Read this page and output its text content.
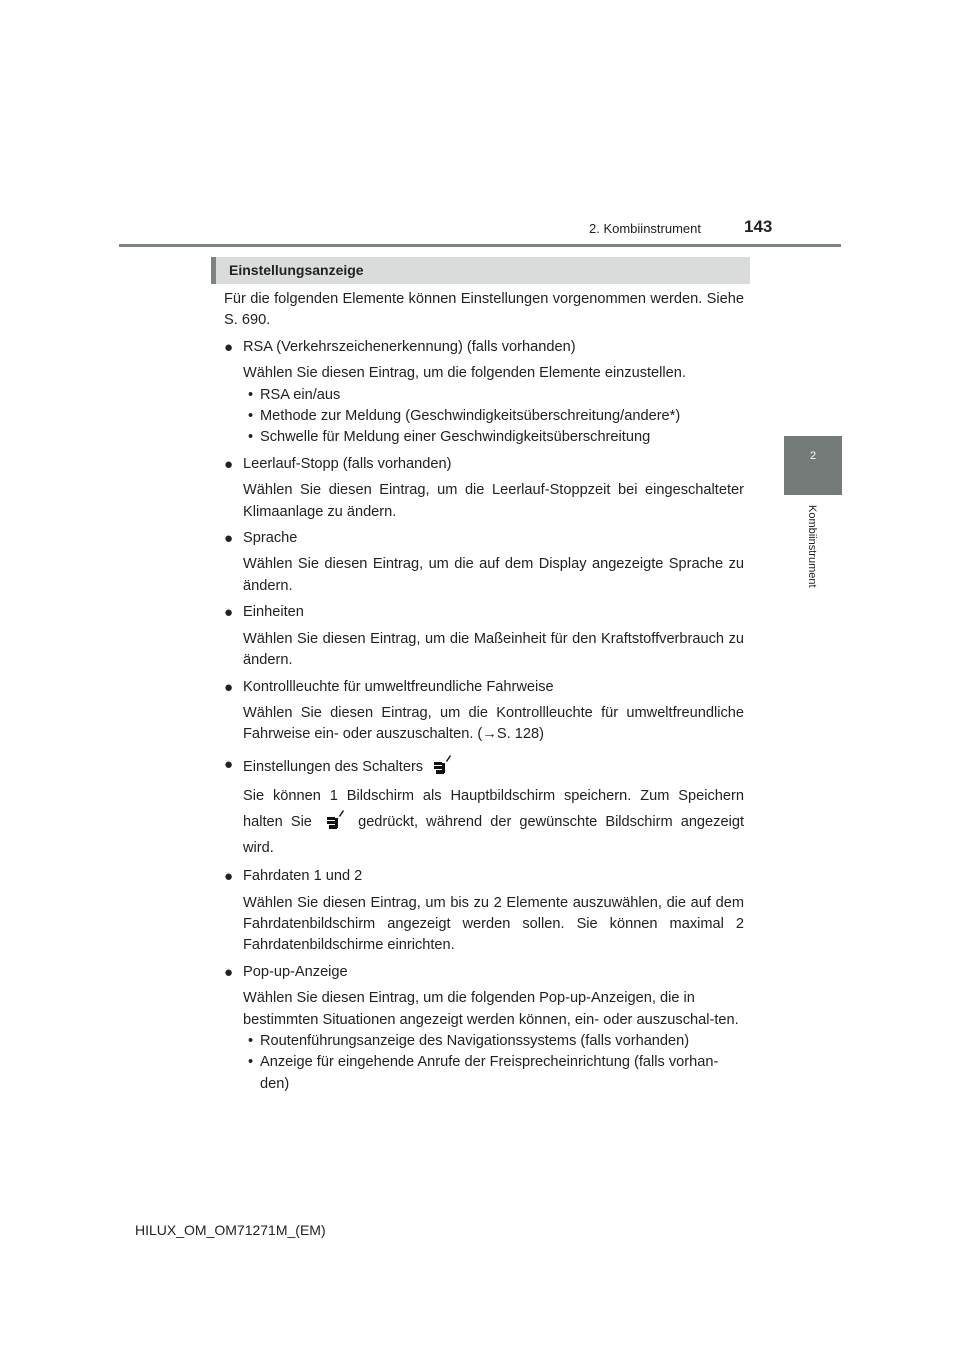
2. Kombiinstrument	143
2
Kombiinstrument
Einstellungsanzeige

Für die folgenden Elemente können Einstellungen vorgenommen werden. Siehe S. 690.

● RSA (Verkehrszeichenerkennung) (falls vorhanden)

Wählen Sie diesen Eintrag, um die folgenden Elemente einzustellen.

• RSA ein/aus
• Methode zur Meldung (Geschwindigkeitsüberschreitung/andere*)
• Schwelle für Meldung einer Geschwindigkeitsüberschreitung
● Leerlauf-Stopp (falls vorhanden)

Wählen Sie diesen Eintrag, um die Leerlauf-Stoppzeit bei eingeschalteter Klimaanlage zu ändern.

● Sprache

Wählen Sie diesen Eintrag, um die auf dem Display angezeigte Sprache zu ändern.

● Einheiten

Wählen Sie diesen Eintrag, um die Maßeinheit für den Kraftstoffverbrauch zu ändern.

● Kontrollleuchte für umweltfreundliche Fahrweise

Wählen Sie diesen Eintrag, um die Kontrollleuchte für umweltfreundliche Fahrweise ein- oder auszuschalten. (→S. 128)

● Einstellungen des Schalters

Sie können 1 Bildschirm als Hauptbildschirm speichern. Zum Speichern halten Sie	gedrückt, während der gewünschte Bildschirm angezeigt wird.

● Fahrdaten 1 und 2

Wählen Sie diesen Eintrag, um bis zu 2 Elemente auszuwählen, die auf dem Fahrdatenbildschirm angezeigt werden sollen. Sie können maximal 2 Fahrdatenbildschirme einrichten.

● Pop-up-Anzeige

Wählen Sie diesen Eintrag, um die folgenden Pop-up-Anzeigen, die in bestimmten Situationen angezeigt werden können, ein- oder auszuschal-ten.

• Routenführungsanzeige des Navigationssystems (falls vorhanden)
• Anzeige für eingehende Anrufe der Freisprecheinrichtung (falls vorhan-den)
HILUX_OM_OM71271M_(EM)
